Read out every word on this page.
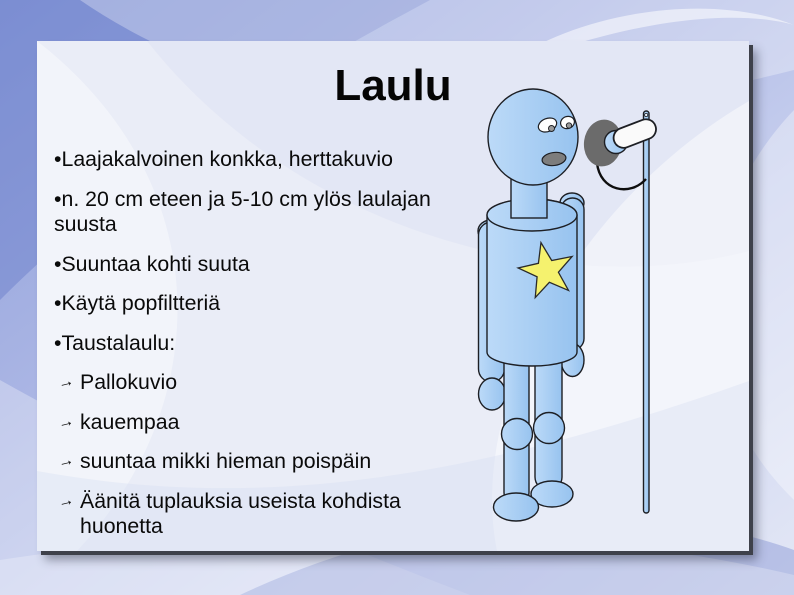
Laulu
•Laajakalvoinen konkka, herttakuvio
•n. 20 cm eteen ja 5-10 cm ylös laulajan suusta
•Suuntaa kohti suuta
•Käytä popfiltteriä
•Taustalaulu:
→ Pallokuvio
→ kauempaa
→ suuntaa mikki hieman poispäin
→ Äänitä tuplauksia useista kohdista huonetta
